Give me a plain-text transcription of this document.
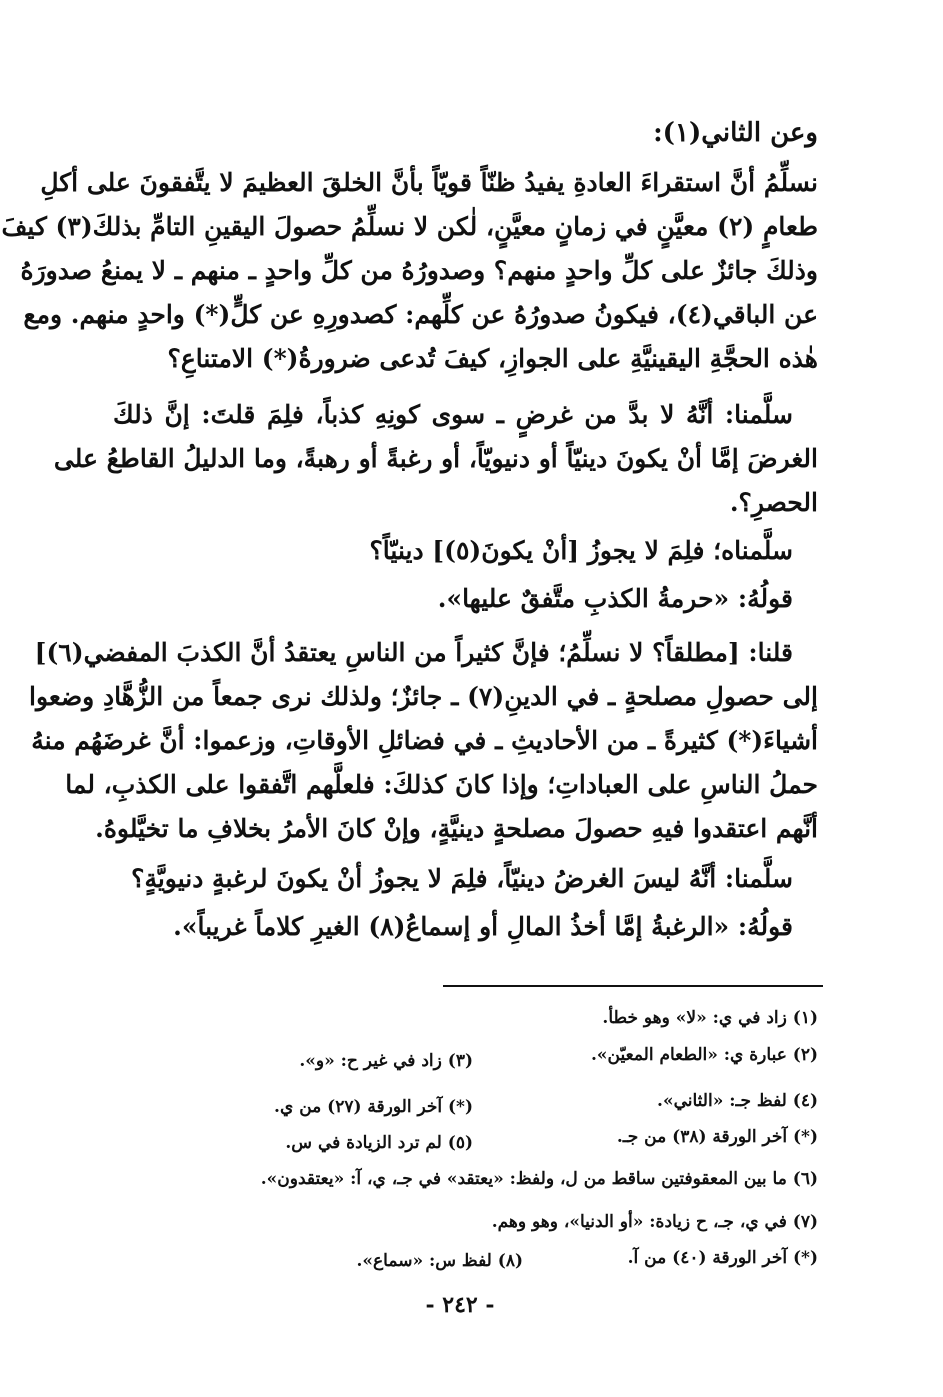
وعن الثاني(١):
نسلِّمُ أنَّ استقراءَ العادةِ يفيدُ ظنّاً قويّاً بأنَّ الخلقَ العظيمَ لا يتَّفقونَ على أكلِ
طعامٍ (٢) معيَّنٍ في زمانٍ معيَّنٍ، لٰكن لا نسلِّمُ حصولَ اليقينِ التامِّ بذلكَ(٣) كيفَ
وذلكَ جائزٌ على كلِّ واحدٍ منهم؟ وصدورُهُ من كلِّ واحدٍ ـ منهم ـ لا يمنعُ صدورَهُ
عن الباقي(٤)، فيكونُ صدورُهُ عن كلِّهم: كصدورِهِ عن كلٍّ(*) واحدٍ منهم. ومع
هٰذه الحجَّةِ اليقينيَّةِ على الجوازِ، كيفَ تُدعى ضرورةُ(*) الامتناعِ؟
سلَّمنا: أنَّهُ لا بدَّ من غرضٍ ـ سوى كونِهِ كذباً، فلِمَ قلتَ: إنَّ ذلكَ
الغرضَ إمَّا أنْ يكونَ دينيّاً أو دنيويّاً، أو رغبةً أو رهبةً، وما الدليلُ القاطعُ على
الحصرِ؟.
سلَّمناه؛ فلِمَ لا يجوزُ [أنْ يكونَ(٥)] دينيّاً؟
قولُهُ: «حرمةُ الكذبِ متَّفقٌ عليها».
قلنا: [مطلقاً؟ لا نسلِّمُ؛ فإنَّ كثيراً من الناسِ يعتقدُ أنَّ الكذبَ المفضي(٦)]
إلى حصولِ مصلحةٍ ـ في الدينِ(٧) ـ جائزٌ؛ ولذلك نرى جمعاً من الزُّهَّادِ وضعوا
أشياءَ(*) كثيرةً ـ من الأحاديثِ ـ في فضائلِ الأوقاتِ، وزعموا: أنَّ غرضَهُم منهُ
حملُ الناسِ على العباداتِ؛ وإذا كانَ كذلكَ: فلعلَّهم اتَّفقوا على الكذبِ، لما
أنَّهم اعتقدوا فيهِ حصولَ مصلحةٍ دينيَّةٍ، وإنْ كانَ الأمرُ بخلافِ ما تخيَّلوهُ.
سلَّمنا: أنَّهُ ليسَ الغرضُ دينيّاً، فلِمَ لا يجوزُ أنْ يكونَ لرغبةٍ دنيويَّةٍ؟
قولُهُ: «الرغبةُ إمَّا أخذُ المالِ أو إسماعُ(٨) الغيرِ كلاماً غريباً».
(١) زاد في ي: «لا» وهو خطأ.
(٢) عبارة ي: «الطعام المعيّن».
(٣) زاد في غير ح: «و».
(٤) لفظ جـ: «الثاني».
(*) آخر الورقة (٢٧) من ي.
(*) آخر الورقة (٣٨) من جـ.
(٥) لم ترد الزيادة في س.
(٦) ما بين المعقوفتين ساقط من ل، ولفظ: «يعتقد» في جـ، ي، آ: «يعتقدون».
(٧) في ي، جـ، ح زيادة: «أو الدنيا»، وهو وهم.
(*) آخر الورقة (٤٠) من آ.
(٨) لفظ س: «سماع».
- ٢٤٢ -
